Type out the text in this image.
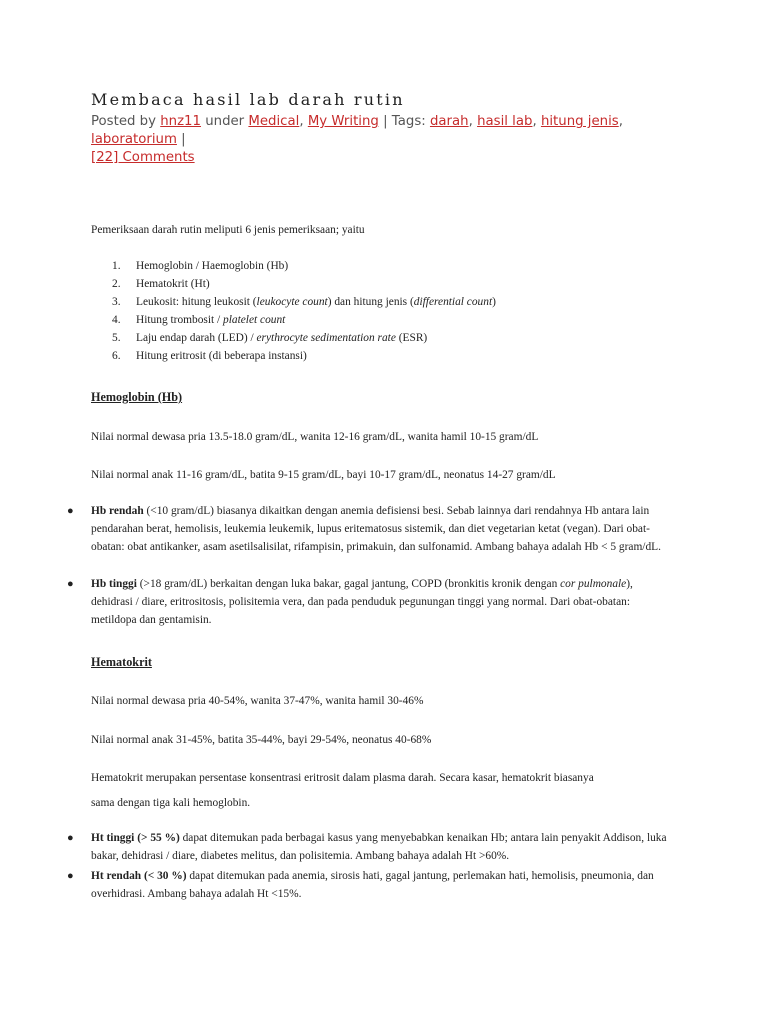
Membaca hasil lab darah rutin
Posted by hnz11 under Medical, My Writing | Tags: darah, hasil lab, hitung jenis, laboratorium |
[22] Comments
Pemeriksaan darah rutin meliputi 6 jenis pemeriksaan; yaitu
1. Hemoglobin / Haemoglobin (Hb)
2. Hematokrit (Ht)
3. Leukosit: hitung leukosit (leukocyte count) dan hitung jenis (differential count)
4. Hitung trombosit / platelet count
5. Laju endap darah (LED) / erythrocyte sedimentation rate (ESR)
6. Hitung eritrosit (di beberapa instansi)
Hemoglobin (Hb)
Nilai normal dewasa pria 13.5-18.0 gram/dL, wanita 12-16 gram/dL, wanita hamil 10-15 gram/dL
Nilai normal anak 11-16 gram/dL, batita 9-15 gram/dL, bayi 10-17 gram/dL, neonatus 14-27 gram/dL
● Hb rendah (<10 gram/dL) biasanya dikaitkan dengan anemia defisiensi besi. Sebab lainnya dari rendahnya Hb antara lain pendarahan berat, hemolisis, leukemia leukemik, lupus eritematosus sistemik, dan diet vegetarian ketat (vegan). Dari obat-obatan: obat antikanker, asam asetilsalisilat, rifampisin, primakuin, dan sulfonamid. Ambang bahaya adalah Hb < 5 gram/dL.
● Hb tinggi (>18 gram/dL) berkaitan dengan luka bakar, gagal jantung, COPD (bronkitis kronik dengan cor pulmonale), dehidrasi / diare, eritrositosis, polisitemia vera, dan pada penduduk pegunungan tinggi yang normal. Dari obat-obatan: metildopa dan gentamisin.
Hematokrit
Nilai normal dewasa pria 40-54%, wanita 37-47%, wanita hamil 30-46%
Nilai normal anak 31-45%, batita 35-44%, bayi 29-54%, neonatus 40-68%
Hematokrit merupakan persentase konsentrasi eritrosit dalam plasma darah. Secara kasar, hematokrit biasanya
sama dengan tiga kali hemoglobin.
● Ht tinggi (> 55 %) dapat ditemukan pada berbagai kasus yang menyebabkan kenaikan Hb; antara lain penyakit Addison, luka bakar, dehidrasi / diare, diabetes melitus, dan polisitemia. Ambang bahaya adalah Ht >60%.
● Ht rendah (< 30 %) dapat ditemukan pada anemia, sirosis hati, gagal jantung, perlemakan hati, hemolisis, pneumonia, dan overhidrasi. Ambang bahaya adalah Ht <15%.
